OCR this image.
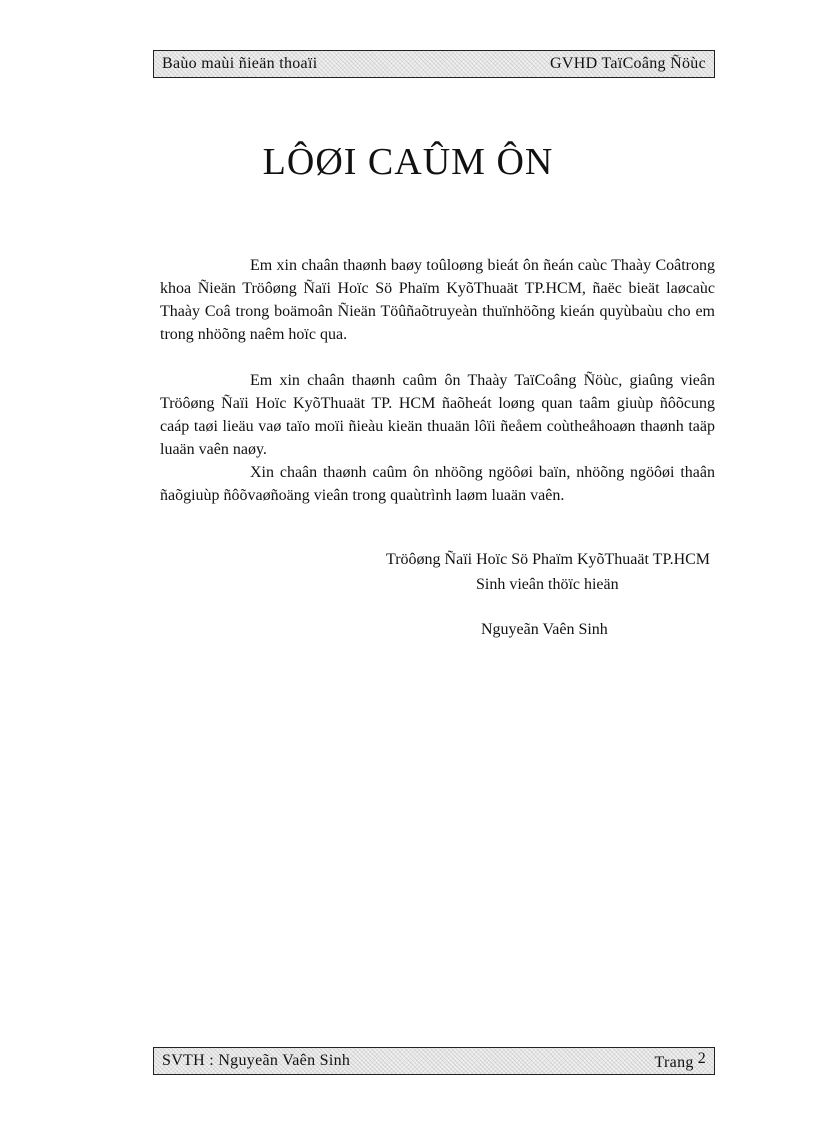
Baùo maùi ñieän thoaïi	GVHD TaïCoâng Ñöùc
LÔØI CAÛM ÔN

Em xin chaân thaønh baøy toûloøng bieát ôn ñeán caùc Thaày Coâtrong khoa Ñieän Tröôøng Ñaïi Hoïc Sö Phaïm KyõThuaät TP.HCM, ñaëc bieät laøcaùc Thaày Coâ trong boämoân Ñieän Töûñaõtruyeàn thuïnhöõng kieán quyùbaùu cho em trong nhöõng naêm hoïc qua.

Em xin chaân thaønh caûm ôn Thaày TaïCoâng Ñöùc, giaûng vieân Tröôøng Ñaïi Hoïc KyõThuaät TP. HCM ñaõheát loøng quan taâm giuùp ñôõcung caáp taøi lieäu vaø taïo moïi ñieàu kieän thuaän lôïi ñeåem coùtheåhoaøn thaønh taäp luaän vaên naøy.

Xin chaân thaønh caûm ôn nhöõng ngöôøi baïn, nhöõng ngöôøi thaân ñaõgiuùp ñôõvaøñoäng vieân trong quaùtrình laøm luaän vaên.

Tröôøng Ñaïi Hoïc Sö Phaïm KyõThuaät TP.HCM
Sinh vieân thöïc hieän
Nguyeãn Vaên Sinh
SVTH : Nguyeãn Vaên Sinh	Trang $^2$
